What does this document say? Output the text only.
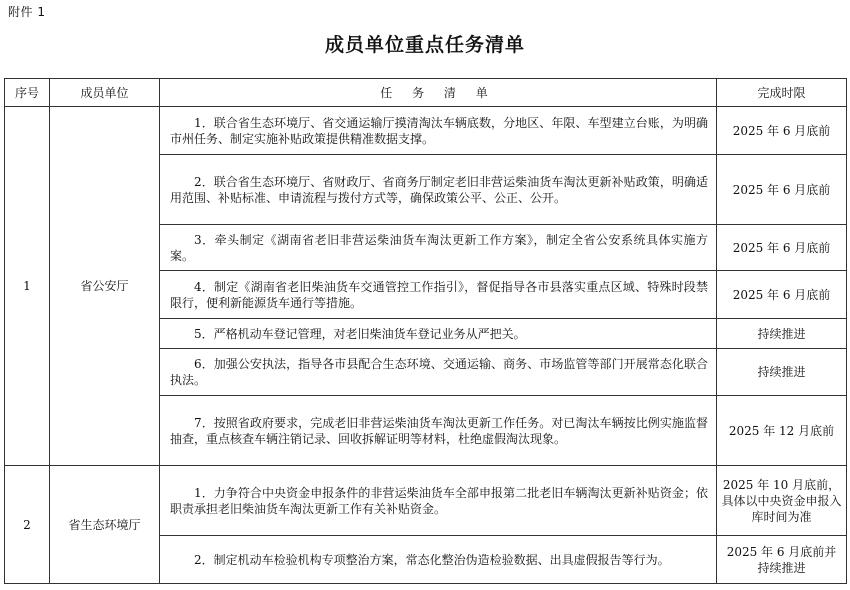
附件 1
成员单位重点任务清单
序号	成员单位	任 务 清 单	完成时限
1	省公安厅	1．联合省生态环境厅、省交通运输厅摸清淘汰车辆底数，分地区、年限、车型建立台账，为明确市州任务、制定实施补贴政策提供精准数据支撑。	2025 年 6 月底前
		2．联合省生态环境厅、省财政厅、省商务厅制定老旧非营运柴油货车淘汰更新补贴政策，明确适用范围、补贴标准、申请流程与拨付方式等，确保政策公平、公正、公开。	2025 年 6 月底前
		3．牵头制定《湖南省老旧非营运柴油货车淘汰更新工作方案》，制定全省公安系统具体实施方案。	2025 年 6 月底前
		4．制定《湖南省老旧柴油货车交通管控工作指引》，督促指导各市县落实重点区域、特殊时段禁限行，便利新能源货车通行等措施。	2025 年 6 月底前
		5．严格机动车登记管理，对老旧柴油货车登记业务从严把关。	持续推进
		6．加强公安执法，指导各市县配合生态环境、交通运输、商务、市场监管等部门开展常态化联合执法。	持续推进
		7．按照省政府要求，完成老旧非营运柴油货车淘汰更新工作任务。对已淘汰车辆按比例实施监督抽查，重点核查车辆注销记录、回收拆解证明等材料，杜绝虚假淘汰现象。	2025 年 12 月底前
2	省生态环境厅	1．力争符合中央资金申报条件的非营运柴油货车全部申报第二批老旧车辆淘汰更新补贴资金；依职责承担老旧柴油货车淘汰更新工作有关补贴资金。	2025 年 10 月底前，具体以中央资金申报入库时间为准
		2．制定机动车检验机构专项整治方案，常态化整治伪造检验数据、出具虚假报告等行为。	2025 年 6 月底前并持续推进
